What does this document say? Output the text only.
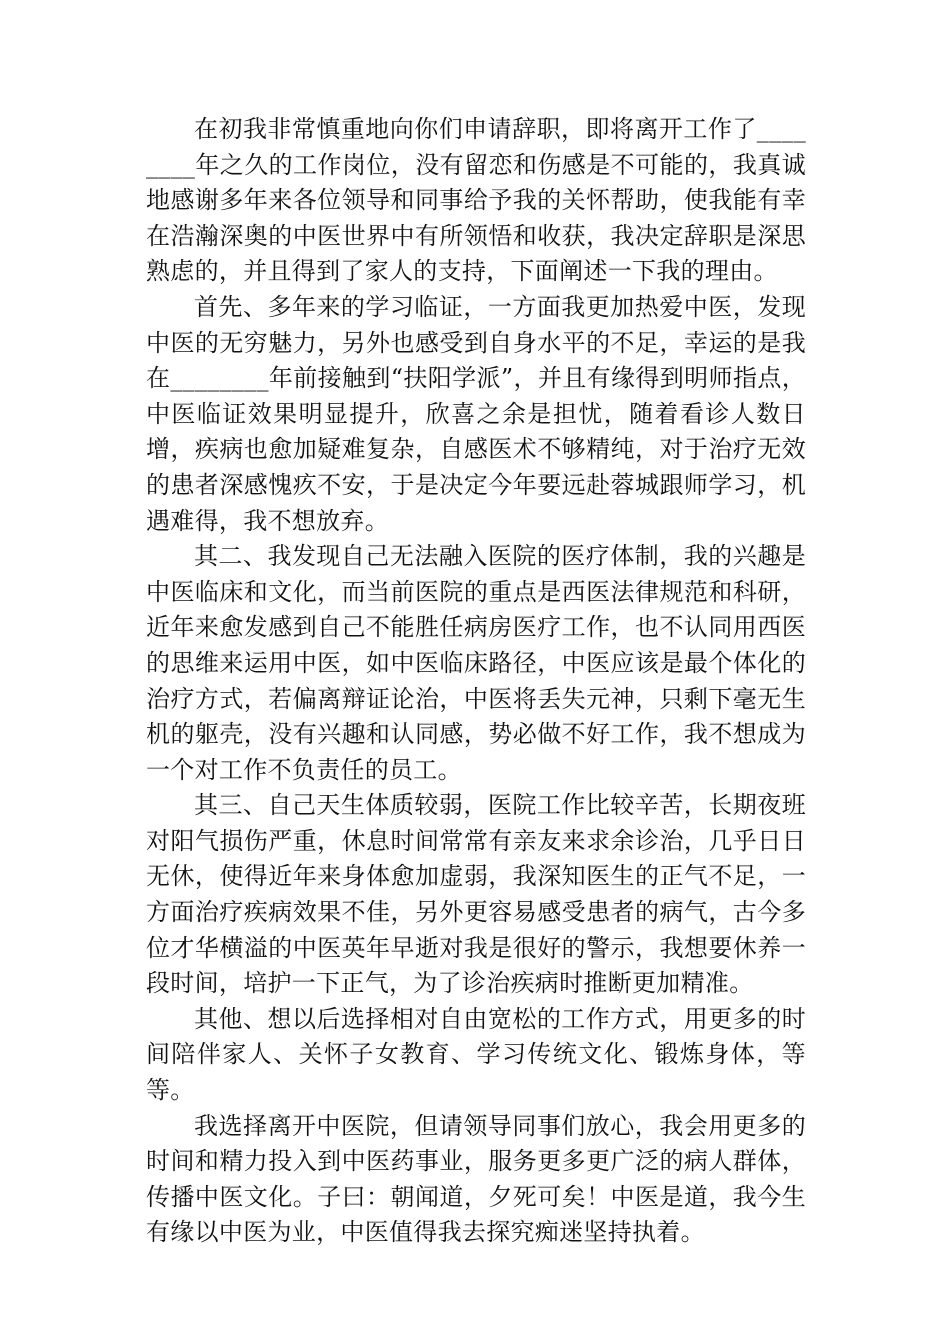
在初我非常慎重地向你们申请辞职，即将离开工作了________年之久的工作岗位，没有留恋和伤感是不可能的，我真诚地感谢多年来各位领导和同事给予我的关怀帮助，使我能有幸在浩瀚深奥的中医世界中有所领悟和收获，我决定辞职是深思熟虑的，并且得到了家人的支持，下面阐述一下我的理由。

首先、多年来的学习临证，一方面我更加热爱中医，发现中医的无穷魅力，另外也感受到自身水平的不足，幸运的是我在________年前接触到“扶阳学派”，并且有缘得到明师指点，中医临证效果明显提升，欣喜之余是担忧，随着看诊人数日增，疾病也愈加疑难复杂，自感医术不够精纯，对于治疗无效的患者深感愧疚不安，于是决定今年要远赴蓉城跟师学习，机遇难得，我不想放弃。

其二、我发现自己无法融入医院的医疗体制，我的兴趣是中医临床和文化，而当前医院的重点是西医法律规范和科研，近年来愈发感到自己不能胜任病房医疗工作，也不认同用西医的思维来运用中医，如中医临床路径，中医应该是最个体化的治疗方式，若偏离辩证论治，中医将丢失元神，只剩下毫无生机的躯壳，没有兴趣和认同感，势必做不好工作，我不想成为一个对工作不负责任的员工。

其三、自己天生体质较弱，医院工作比较辛苦，长期夜班对阳气损伤严重，休息时间常常有亲友来求余诊治，几乎日日无休，使得近年来身体愈加虚弱，我深知医生的正气不足，一方面治疗疾病效果不佳，另外更容易感受患者的病气，古今多位才华横溢的中医英年早逝对我是很好的警示，我想要休养一段时间，培护一下正气，为了诊治疾病时推断更加精准。

其他、想以后选择相对自由宽松的工作方式，用更多的时间陪伴家人、关怀子女教育、学习传统文化、锻炼身体，等等。

我选择离开中医院，但请领导同事们放心，我会用更多的时间和精力投入到中医药事业，服务更多更广泛的病人群体，传播中医文化。子曰：朝闻道，夕死可矣！中医是道，我今生有缘以中医为业，中医值得我去探究痴迷坚持执着。
